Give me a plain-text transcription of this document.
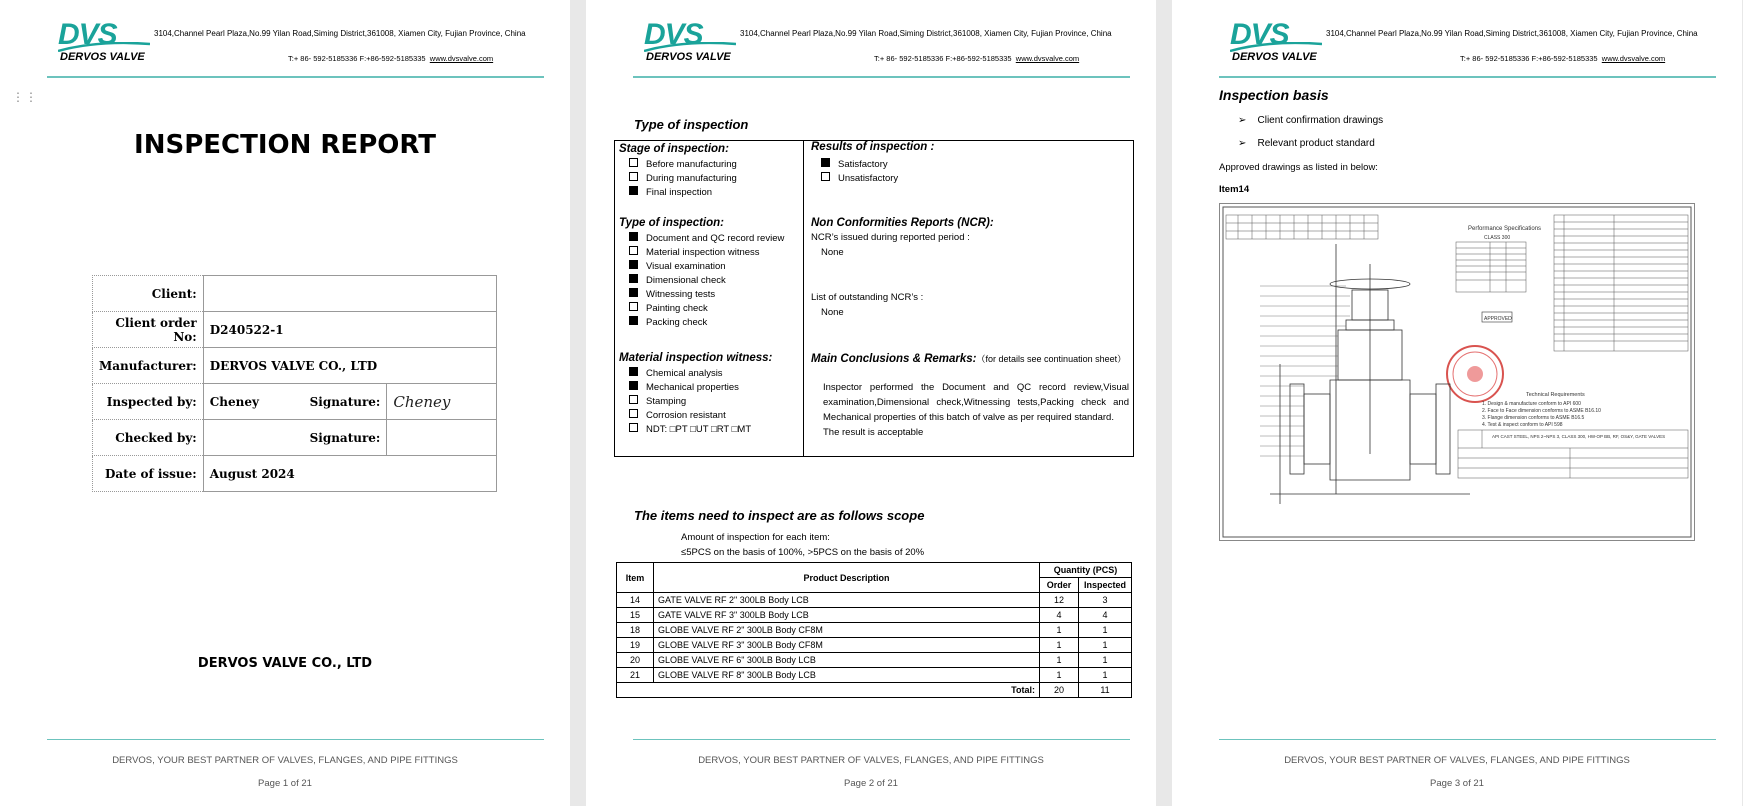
DVS
DERVOS VALVE
3104,Channel Pearl Plaza,No.99 Yilan Road,Siming District,361008, Xiamen City, Fujian Province, China
T:+ 86- 592-5185336 F:+86-592-5185335 www.dvsvalve.com
⋮⋮
INSPECTION REPORT
Client:			
Client order No:	D240522-1		
Manufacturer:	DERVOS VALVE CO., LTD		
Inspected by:	Cheney	Signature:	Cheney
Checked by:		Signature:	
Date of issue:	August 2024		
DERVOS VALVE CO., LTD
DERVOS, YOUR BEST PARTNER OF VALVES, FLANGES, AND PIPE FITTINGS
Page 1 of 21
DVS
DERVOS VALVE
3104,Channel Pearl Plaza,No.99 Yilan Road,Siming District,361008, Xiamen City, Fujian Province, China
T:+ 86- 592-5185336 F:+86-592-5185335 www.dvsvalve.com
Type of inspection
Stage of inspection:
Before manufacturing
During manufacturing
Final inspection
Type of inspection:
Document and QC record review
Material inspection witness
Visual examination
Dimensional check
Witnessing tests
Painting check
Packing check
Material inspection witness:
Chemical analysis
Mechanical properties
Stamping
Corrosion resistant
NDT: □PT □UT □RT □MT
Results of inspection :
Satisfactory
Unsatisfactory
Non Conformities Reports (NCR):
NCR’s issued during reported period :
None
List of outstanding NCR’s :
None
Main Conclusions & Remarks:（for details see continuation sheet）
Inspector performed the Document and QC record review,Visual examination,Dimensional check,Witnessing tests,Packing check and Mechanical properties of this batch of valve as per required standard.
The result is acceptable
The items need to inspect are as follows scope
Amount of inspection for each item:
≤5PCS on the basis of 100%, >5PCS on the basis of 20%
Item	Product Description	Quantity (PCS)	
		Order	Inspected
14	GATE VALVE RF 2" 300LB Body LCB	12	3
15	GATE VALVE RF 3" 300LB Body LCB	4	4
18	GLOBE VALVE RF 2" 300LB Body CF8M	1	1
19	GLOBE VALVE RF 3" 300LB Body CF8M	1	1
20	GLOBE VALVE RF 6" 300LB Body LCB	1	1
21	GLOBE VALVE RF 8" 300LB Body LCB	1	1
Total:		20	11
DERVOS, YOUR BEST PARTNER OF VALVES, FLANGES, AND PIPE FITTINGS
Page 2 of 21
DVS
DERVOS VALVE
3104,Channel Pearl Plaza,No.99 Yilan Road,Siming District,361008, Xiamen City, Fujian Province, China
T:+ 86- 592-5185336 F:+86-592-5185335 www.dvsvalve.com
Inspection basis
➢ Client confirmation drawings
➢ Relevant product standard
Approved drawings as listed in below:
Item14
Performance Specifications
CLASS 300
APPROVED
Technical Requirements
1. Design & manufacture conform to API 600
2. Face to Face dimension conforms to ASME B16.10
3. Flange dimension conforms to ASME B16.5
4. Test & inspect conform to API 598
API CAST STEEL, NPS 2~NPS 3, CLASS 300, HW-OP BB, RF, OS&Y, GATE VALVES
DERVOS, YOUR BEST PARTNER OF VALVES, FLANGES, AND PIPE FITTINGS
Page 3 of 21
